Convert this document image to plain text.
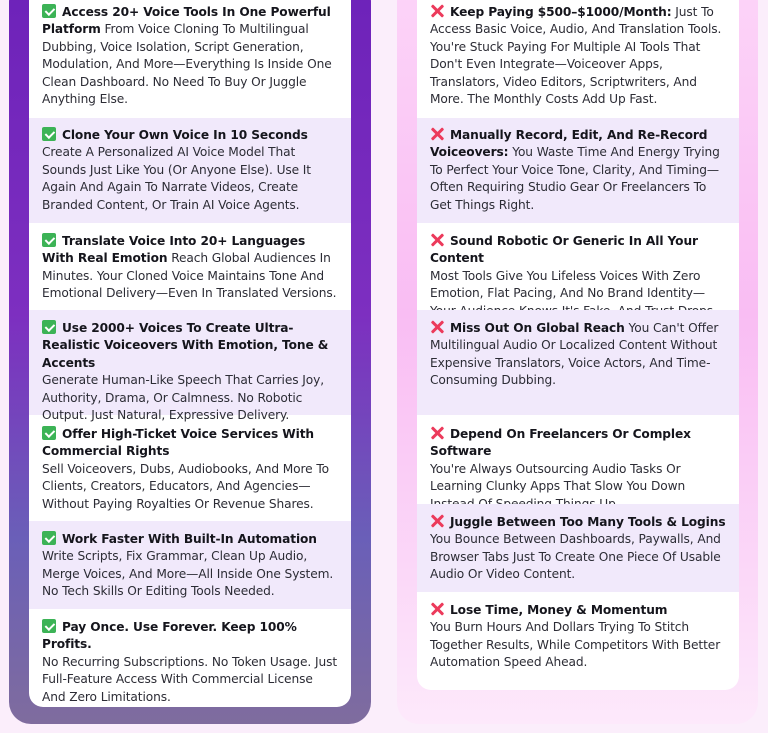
Access 20+ Voice Tools In One Powerful Platform From Voice Cloning To Multilingual Dubbing, Voice Isolation, Script Generation, Modulation, And More—Everything Is Inside One Clean Dashboard. No Need To Buy Or Juggle Anything Else.
Clone Your Own Voice In 10 Seconds
Create A Personalized AI Voice Model That Sounds Just Like You (Or Anyone Else). Use It Again And Again To Narrate Videos, Create Branded Content, Or Train AI Voice Agents.
Translate Voice Into 20+ Languages With Real Emotion Reach Global Audiences In Minutes. Your Cloned Voice Maintains Tone And Emotional Delivery—Even In Translated Versions.
Use 2000+ Voices To Create Ultra-Realistic Voiceovers With Emotion, Tone & Accents
Generate Human-Like Speech That Carries Joy, Authority, Drama, Or Calmness. No Robotic Output. Just Natural, Expressive Delivery.
Offer High-Ticket Voice Services With Commercial Rights
Sell Voiceovers, Dubs, Audiobooks, And More To Clients, Creators, Educators, And Agencies—Without Paying Royalties Or Revenue Shares.
Work Faster With Built-In Automation
Write Scripts, Fix Grammar, Clean Up Audio, Merge Voices, And More—All Inside One System. No Tech Skills Or Editing Tools Needed.
Pay Once. Use Forever. Keep 100% Profits.
No Recurring Subscriptions. No Token Usage. Just Full-Feature Access With Commercial License And Zero Limitations.
Keep Paying $500–$1000/Month: Just To Access Basic Voice, Audio, And Translation Tools. You're Stuck Paying For Multiple AI Tools That Don't Even Integrate—Voiceover Apps, Translators, Video Editors, Scriptwriters, And More. The Monthly Costs Add Up Fast.
Manually Record, Edit, And Re-Record Voiceovers: You Waste Time And Energy Trying To Perfect Your Voice Tone, Clarity, And Timing—Often Requiring Studio Gear Or Freelancers To Get Things Right.
Sound Robotic Or Generic In All Your Content
Most Tools Give You Lifeless Voices With Zero Emotion, Flat Pacing, And No Brand Identity—
Miss Out On Global Reach You Can't Offer Multilingual Audio Or Localized Content Without Expensive Translators, Voice Actors, And Time-Consuming Dubbing.
Depend On Freelancers Or Complex Software
You're Always Outsourcing Audio Tasks Or Learning Clunky Apps That Slow You Down
Juggle Between Too Many Tools & Logins
You Bounce Between Dashboards, Paywalls, And Browser Tabs Just To Create One Piece Of Usable Audio Or Video Content.
Lose Time, Money & Momentum
You Burn Hours And Dollars Trying To Stitch Together Results, While Competitors With Better Automation Speed Ahead.
